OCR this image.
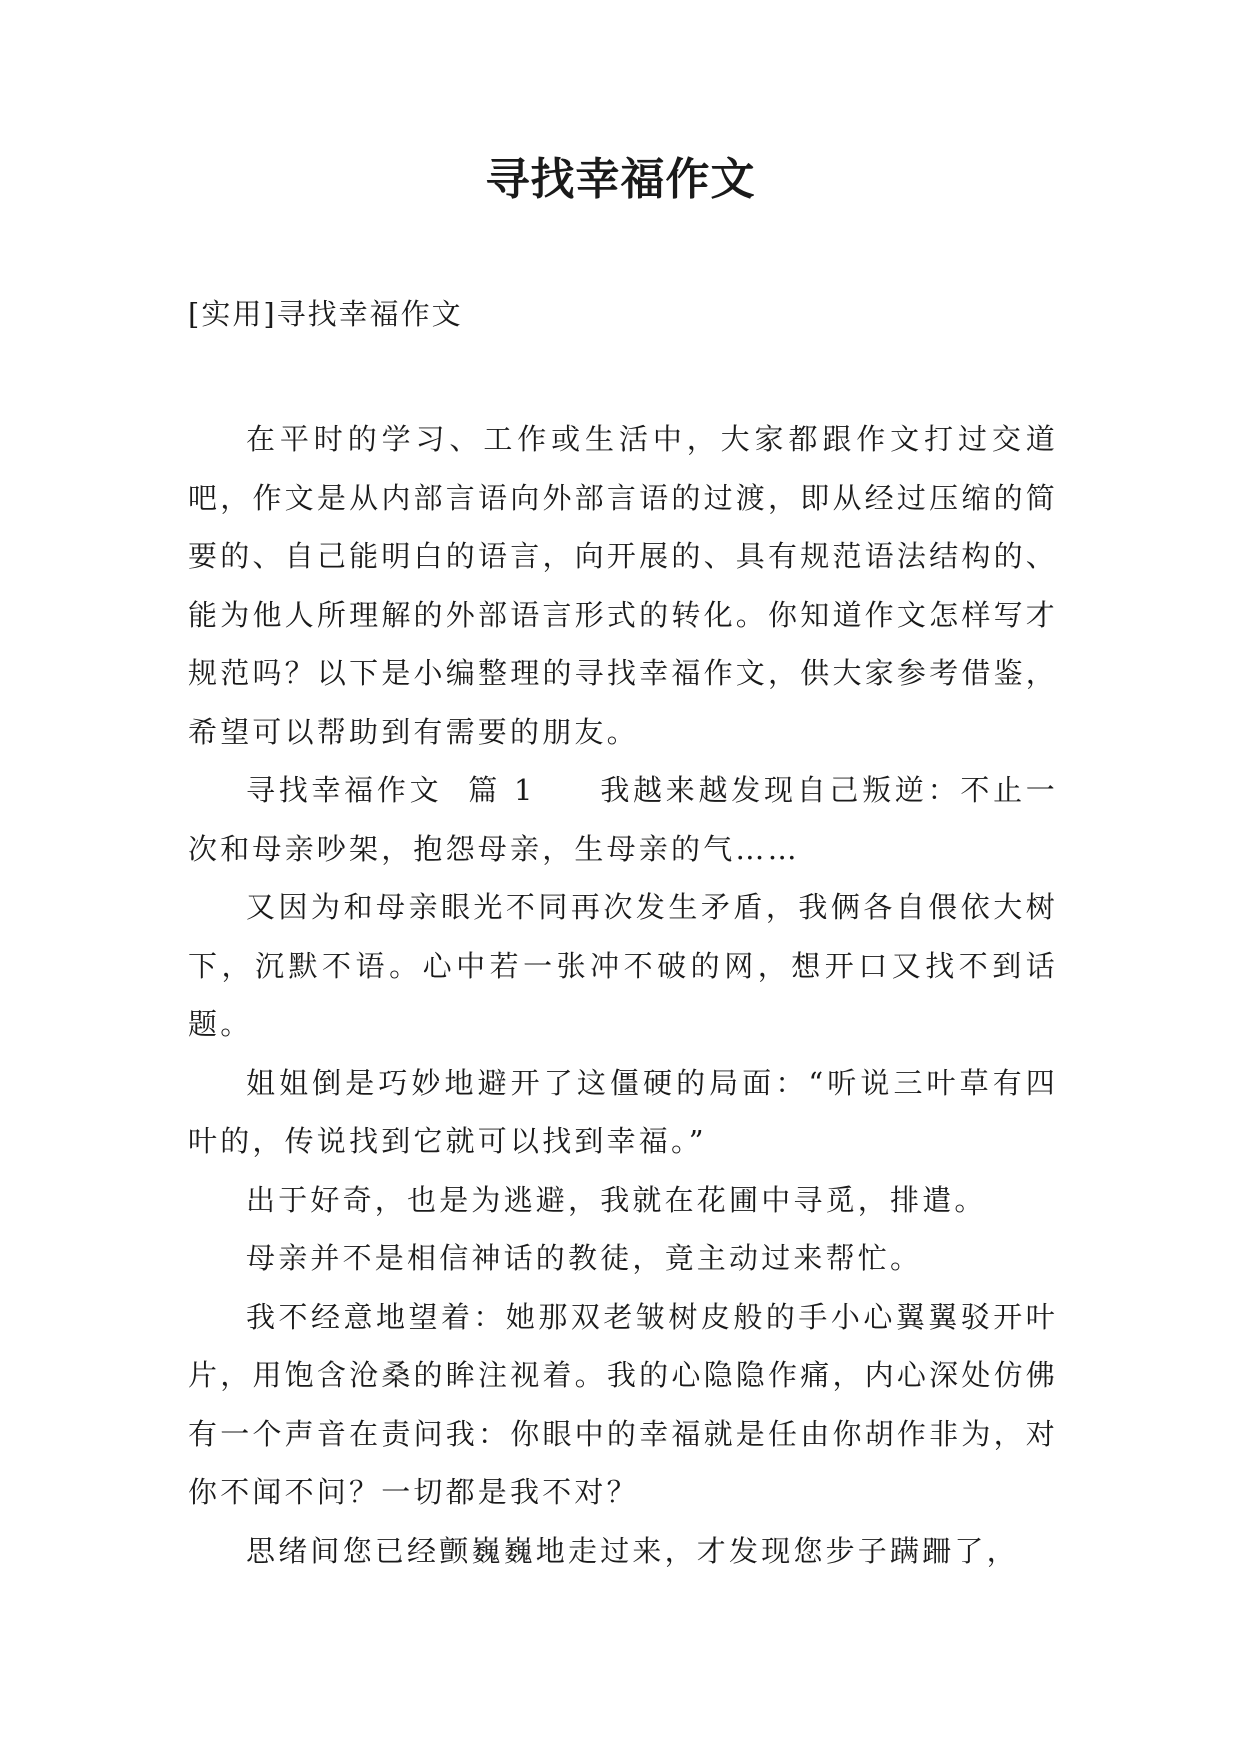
寻找幸福作文
[实用]寻找幸福作文

在平时的学习、工作或生活中，大家都跟作文打过交道吧，作文是从内部言语向外部言语的过渡，即从经过压缩的简要的、自己能明白的语言，向开展的、具有规范语法结构的、能为他人所理解的外部语言形式的转化。你知道作文怎样写才规范吗？以下是小编整理的寻找幸福作文，供大家参考借鉴，希望可以帮助到有需要的朋友。

寻找幸福作文  篇 1     我越来越发现自己叛逆：不止一次和母亲吵架，抱怨母亲，生母亲的气……

又因为和母亲眼光不同再次发生矛盾，我俩各自偎依大树下，沉默不语。心中若一张冲不破的网，想开口又找不到话题。

姐姐倒是巧妙地避开了这僵硬的局面：“听说三叶草有四叶的，传说找到它就可以找到幸福。”

出于好奇，也是为逃避，我就在花圃中寻觅，排遣。

母亲并不是相信神话的教徒，竟主动过来帮忙。

我不经意地望着：她那双老皱树皮般的手小心翼翼驳开叶片，用饱含沧桑的眸注视着。我的心隐隐作痛，内心深处仿佛有一个声音在责问我：你眼中的幸福就是任由你胡作非为，对你不闻不问？一切都是我不对？

思绪间您已经颤巍巍地走过来，才发现您步子蹒跚了，
